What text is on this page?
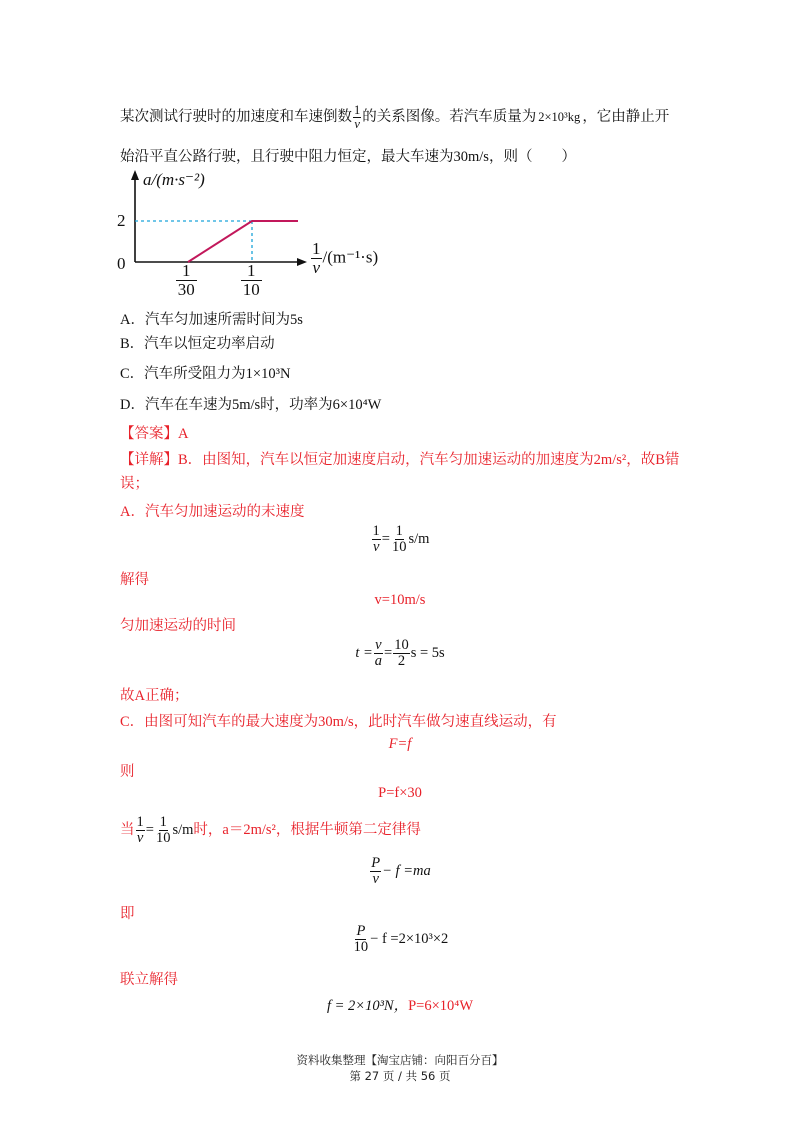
某次测试行驶时的加速度和车速倒数 $\frac{1}{v}$ 的关系图像。若汽车质量为 2×10³kg ，它由静止开
始沿平直公路行驶，且行驶中阻力恒定，最大车速为30m/s，则（　　）
a/(m·s⁻²)
2
0	$\frac{1}{30}$	$\frac{1}{10}$
$\frac{1}{v} /(m^{-1}\cdot s)$
A．汽车匀加速所需时间为5s
B．汽车以恒定功率启动
C．汽车所受阻力为1×10³N
D．汽车在车速为5m/s时，功率为6×10⁴W
【答案】A
【详解】B．由图知，汽车以恒定加速度启动，汽车匀加速运动的加速度为2m/s²，故B错
误；
A．汽车匀加速运动的末速度
$\frac{1}{v} = \frac{1}{10} s/m$
解得
v=10m/s
匀加速运动的时间
$t = \frac{v}{a} = \frac{10}{2}$ s = 5s
故A正确；
C．由图可知汽车的最大速度为30m/s，此时汽车做匀速直线运动，有
F=f
则
P=f×30
当 $\frac{1}{v} = \frac{1}{10} s/m$时，a＝2m/s²，根据牛顿第二定律得
$\frac{P}{v} - f =ma$
即
$\frac{P}{10} - f =2\times 10^3\times 2$
联立解得
f = 2×10³N，P=6×10⁴W
资料收集整理【淘宝店铺：向阳百分百】
第 27 页 / 共 56 页
